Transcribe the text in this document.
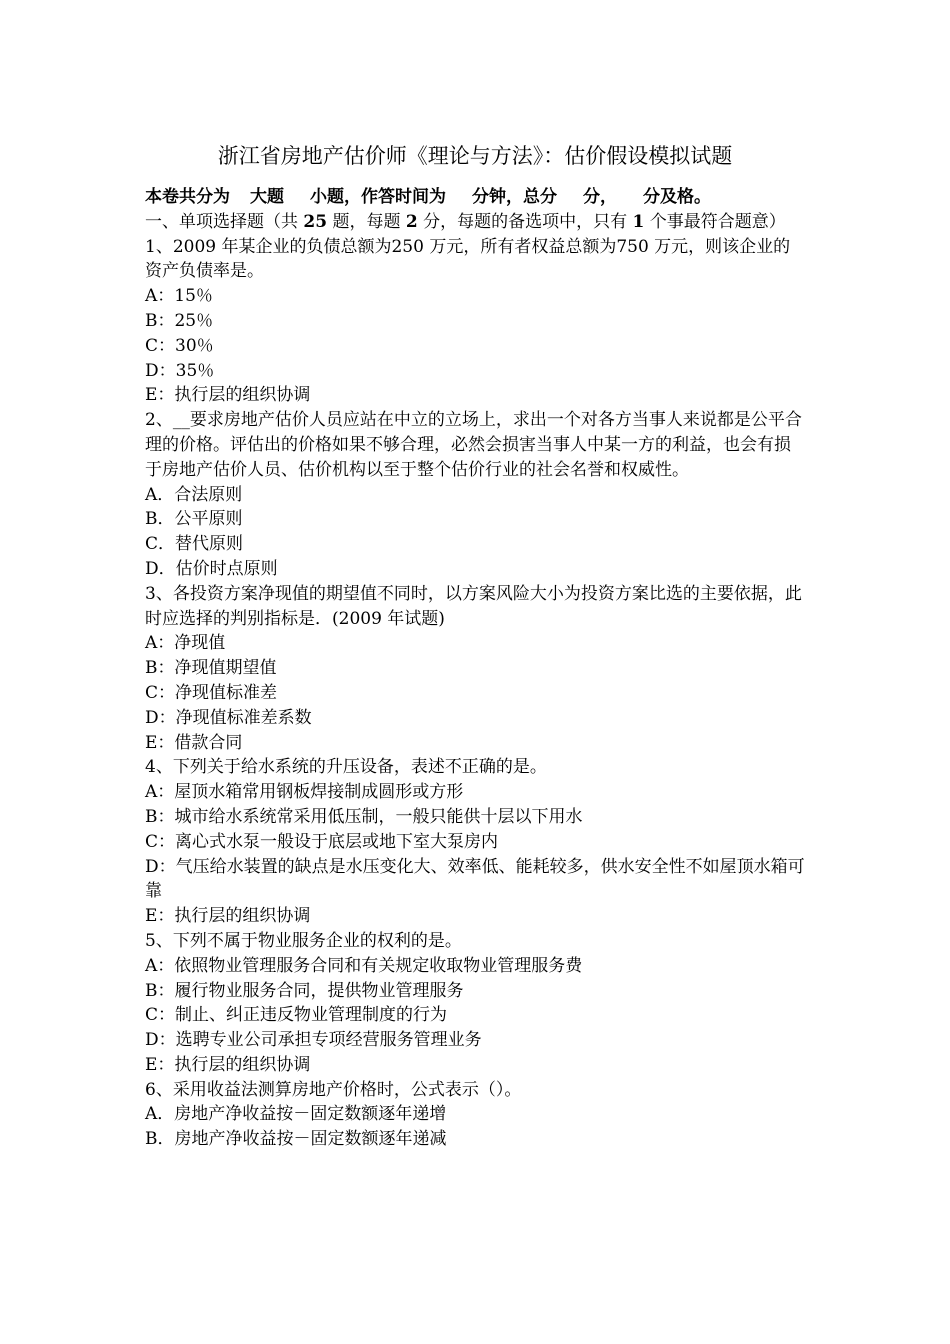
浙江省房地产估价师《理论与方法》：估价假设模拟试题
本卷共分为 大题 小题，作答时间为 分钟，总分 分， 分及格。
一、单项选择题（共 25 题，每题 2 分，每题的备选项中，只有 1 个事最符合题意）
1、2009 年某企业的负债总额为250 万元，所有者权益总额为750 万元，则该企业的资产负债率是。
A：15％
B：25％
C：30％
D：35％
E：执行层的组织协调
2、__要求房地产估价人员应站在中立的立场上，求出一个对各方当事人来说都是公平合理的价格。评估出的价格如果不够合理，必然会损害当事人中某一方的利益，也会有损于房地产估价人员、估价机构以至于整个估价行业的社会名誉和权威性。
A．合法原则
B．公平原则
C．替代原则
D．估价时点原则
3、各投资方案净现值的期望值不同时，以方案风险大小为投资方案比选的主要依据，此时应选择的判别指标是．(2009 年试题)
A：净现值
B：净现值期望值
C：净现值标准差
D：净现值标准差系数
E：借款合同
4、下列关于给水系统的升压设备，表述不正确的是。
A：屋顶水箱常用钢板焊接制成圆形或方形
B：城市给水系统常采用低压制，一般只能供十层以下用水
C：离心式水泵一般设于底层或地下室大泵房内
D：气压给水装置的缺点是水压变化大、效率低、能耗较多，供水安全性不如屋顶水箱可靠
E：执行层的组织协调
5、下列不属于物业服务企业的权利的是。
A：依照物业管理服务合同和有关规定收取物业管理服务费
B：履行物业服务合同，提供物业管理服务
C：制止、纠正违反物业管理制度的行为
D：选聘专业公司承担专项经营服务管理业务
E：执行层的组织协调
6、采用收益法测算房地产价格时，公式表示（）。
A．房地产净收益按－固定数额逐年递增
B．房地产净收益按－固定数额逐年递减
